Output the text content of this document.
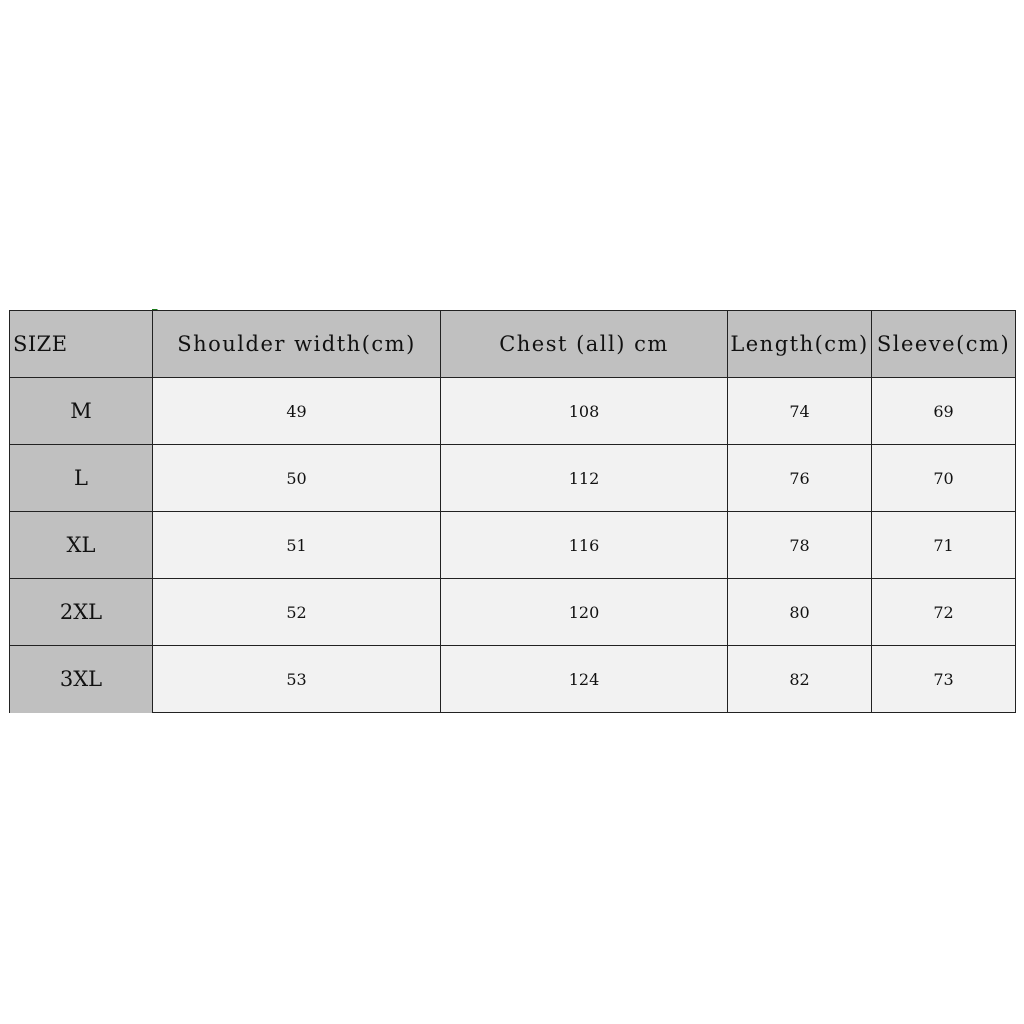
SIZE	Shoulder width(cm)	Chest (all) cm	Length(cm)	Sleeve(cm)
M	49	108	74	69
L	50	112	76	70
XL	51	116	78	71
2XL	52	120	80	72
3XL	53	124	82	73
